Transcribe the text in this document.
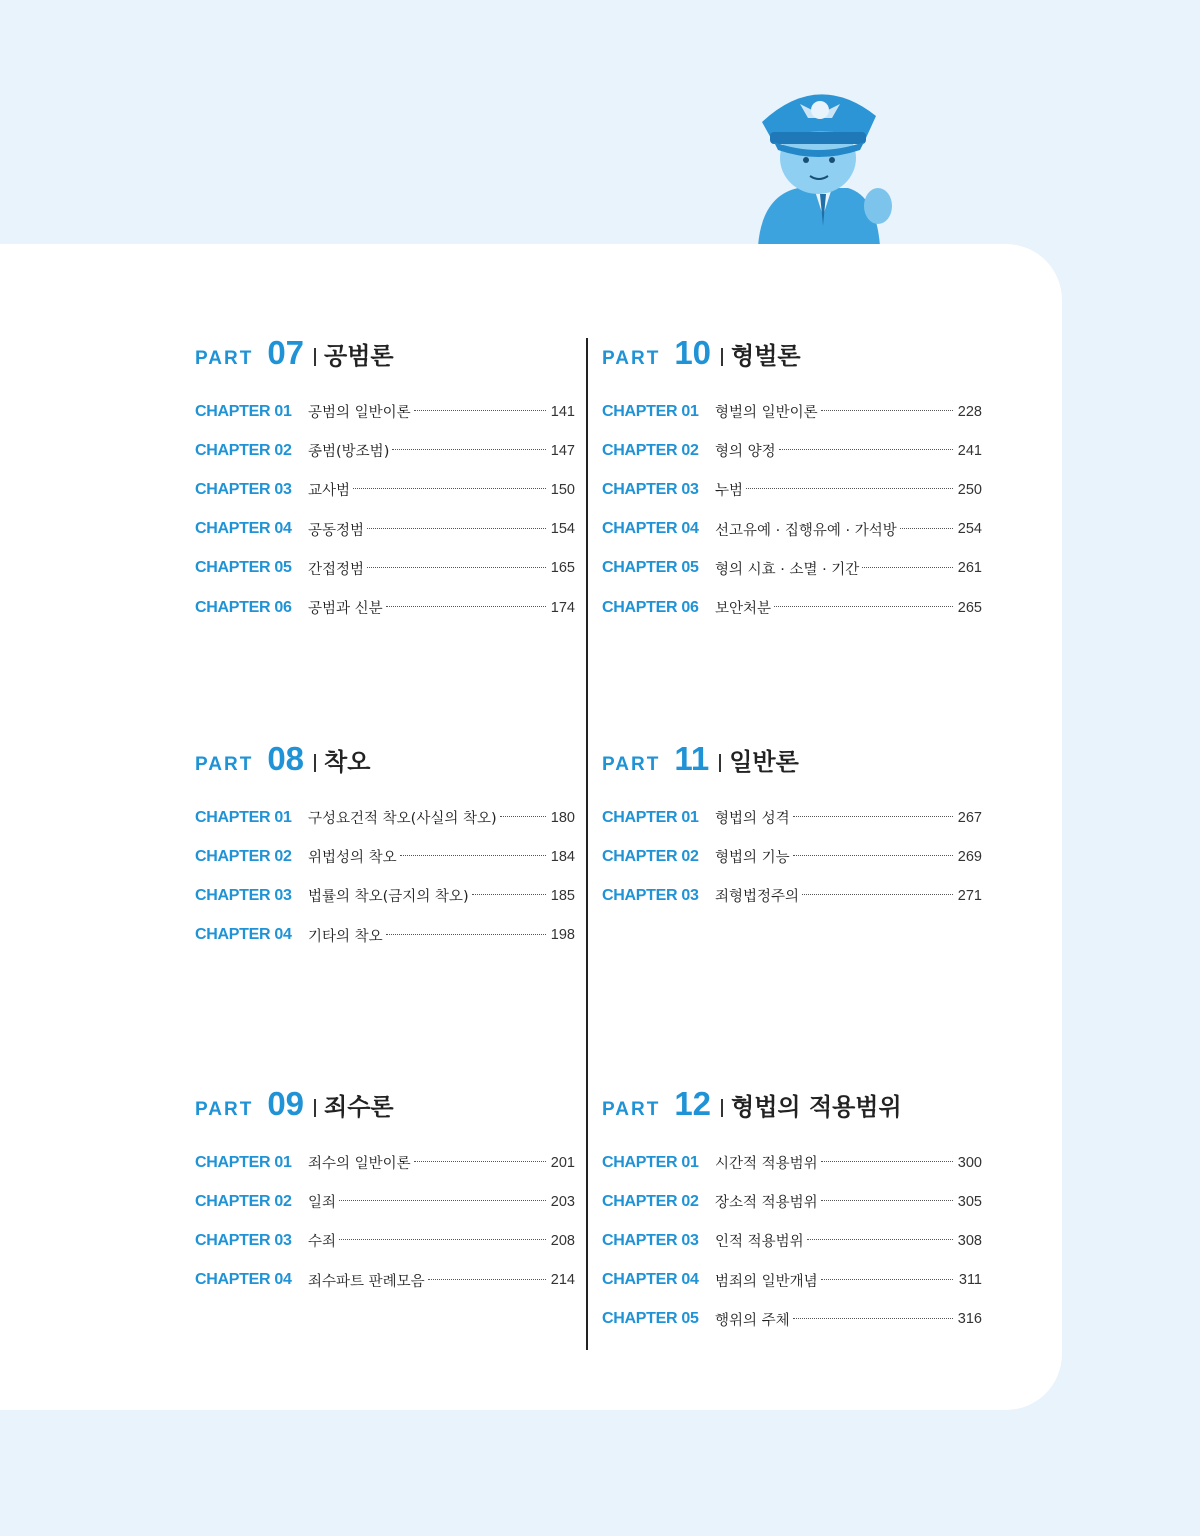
PART 07 공범론
CHAPTER 01	공범의 일반이론	141
CHAPTER 02	종범(방조범)	147
CHAPTER 03	교사범	150
CHAPTER 04	공동정범	154
CHAPTER 05	간접정범	165
CHAPTER 06	공범과 신분	174
PART 10 형벌론
CHAPTER 01	형벌의 일반이론	228
CHAPTER 02	형의 양정	241
CHAPTER 03	누범	250
CHAPTER 04	선고유예 · 집행유예 · 가석방	254
CHAPTER 05	형의 시효 · 소멸 · 기간	261
CHAPTER 06	보안처분	265
PART 08 착오
CHAPTER 01	구성요건적 착오(사실의 착오)	180
CHAPTER 02	위법성의 착오	184
CHAPTER 03	법률의 착오(금지의 착오)	185
CHAPTER 04	기타의 착오	198
PART 11 일반론
CHAPTER 01	형법의 성격	267
CHAPTER 02	형법의 기능	269
CHAPTER 03	죄형법정주의	271
PART 09 죄수론
CHAPTER 01	죄수의 일반이론	201
CHAPTER 02	일죄	203
CHAPTER 03	수죄	208
CHAPTER 04	죄수파트 판례모음	214
PART 12 형법의 적용범위
CHAPTER 01	시간적 적용범위	300
CHAPTER 02	장소적 적용범위	305
CHAPTER 03	인적 적용범위	308
CHAPTER 04	범죄의 일반개념	311
CHAPTER 05	행위의 주체	316
